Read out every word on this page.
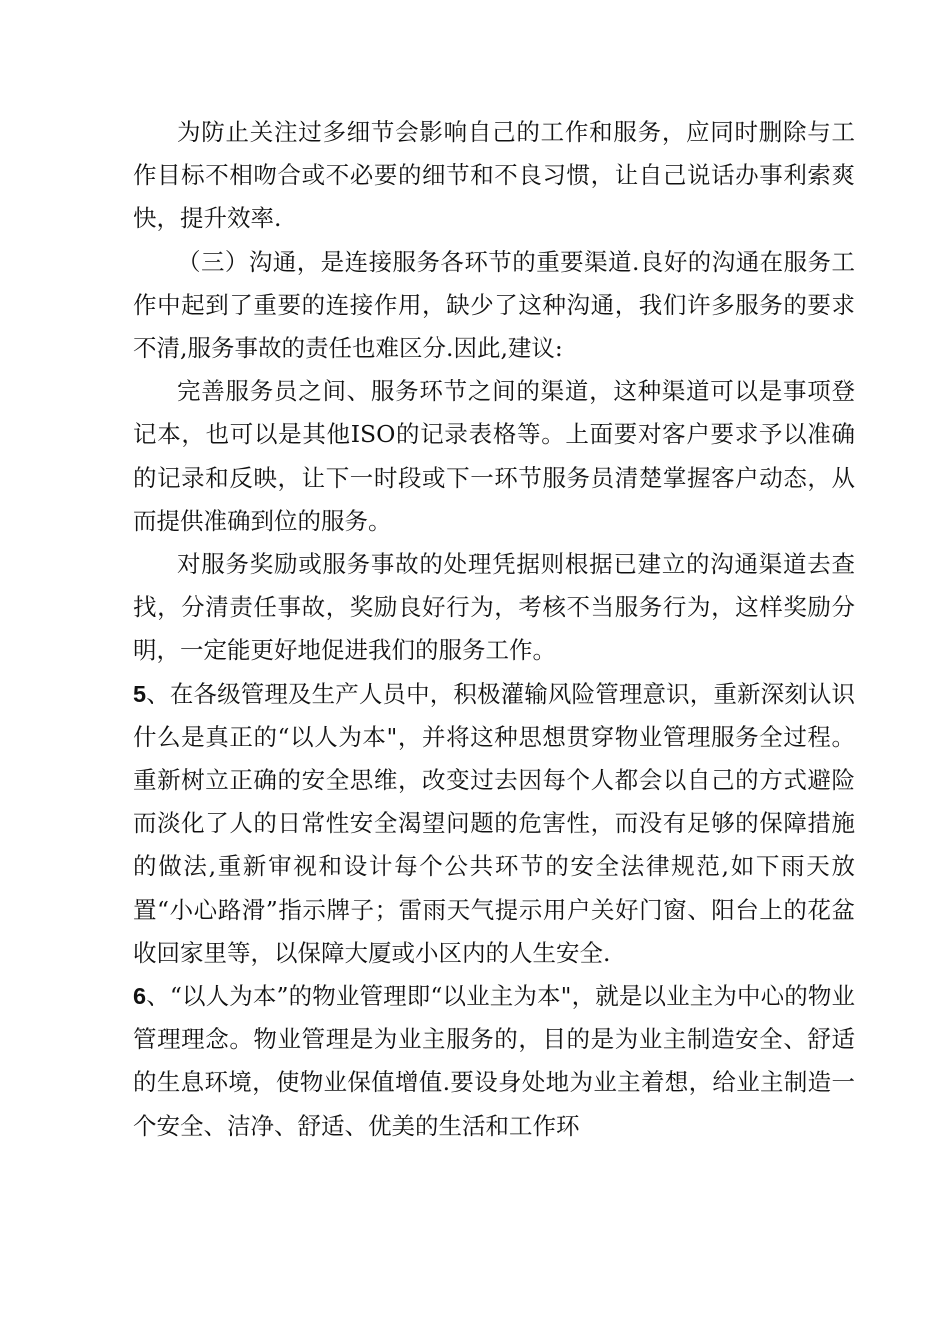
为防止关注过多细节会影响自己的工作和服务，应同时删除与工作目标不相吻合或不必要的细节和不良习惯，让自己说话办事利索爽快，提升效率.

（三）沟通，是连接服务各环节的重要渠道.良好的沟通在服务工作中起到了重要的连接作用，缺少了这种沟通，我们许多服务的要求不清,服务事故的责任也难区分.因此,建议:

完善服务员之间、服务环节之间的渠道，这种渠道可以是事项登记本，也可以是其他ISO的记录表格等。上面要对客户要求予以准确的记录和反映，让下一时段或下一环节服务员清楚掌握客户动态，从而提供准确到位的服务。

对服务奖励或服务事故的处理凭据则根据已建立的沟通渠道去查找，分清责任事故，奖励良好行为，考核不当服务行为，这样奖励分明，一定能更好地促进我们的服务工作。

5、在各级管理及生产人员中，积极灌输风险管理意识，重新深刻认识什么是真正的“以人为本"，并将这种思想贯穿物业管理服务全过程。重新树立正确的安全思维，改变过去因每个人都会以自己的方式避险而淡化了人的日常性安全渴望问题的危害性，而没有足够的保障措施的做法,重新审视和设计每个公共环节的安全法律规范,如下雨天放置“小心路滑”指示牌子；雷雨天气提示用户关好门窗、阳台上的花盆收回家里等，以保障大厦或小区内的人生安全.

6、“以人为本”的物业管理即“以业主为本"，就是以业主为中心的物业管理理念。物业管理是为业主服务的，目的是为业主制造安全、舒适的生息环境，使物业保值增值.要设身处地为业主着想，给业主制造一个安全、洁净、舒适、优美的生活和工作环
